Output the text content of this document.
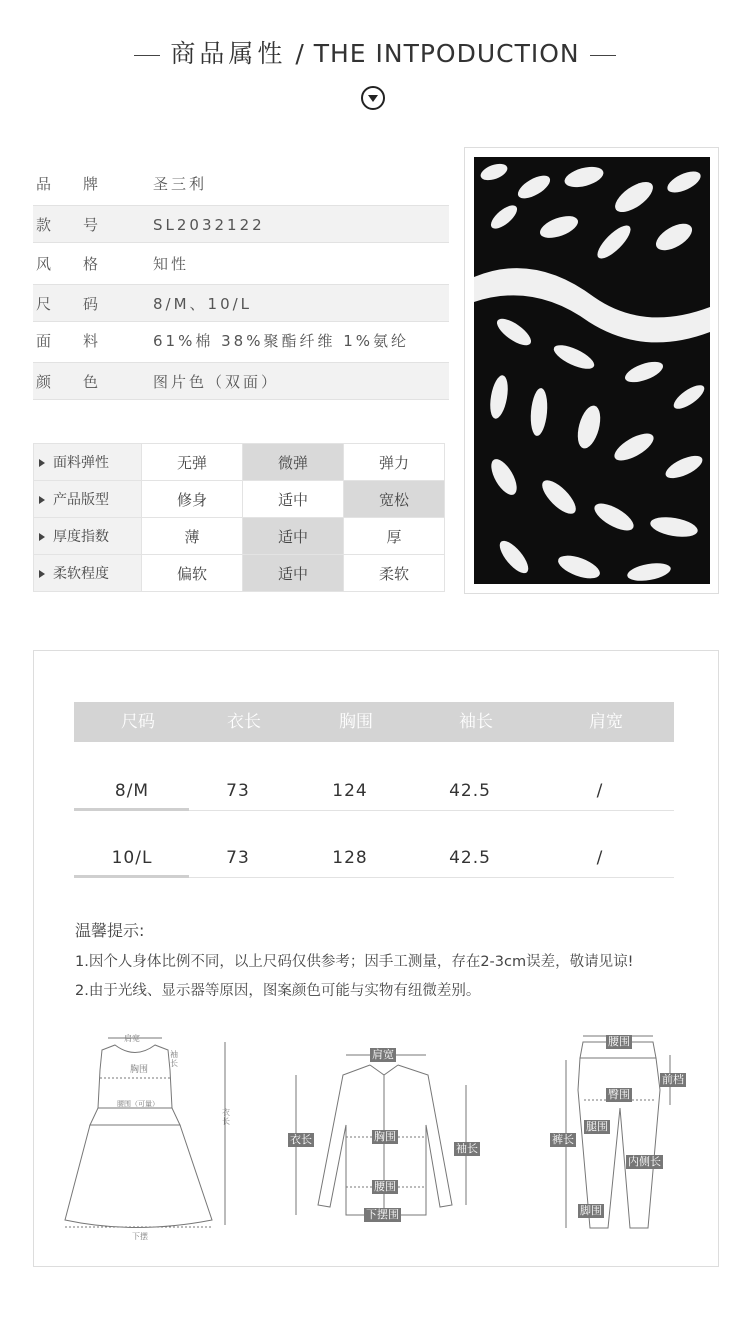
商品属性 / THE INTPODUCTION
品 牌	圣三利
款 号	SL2032122
风 格	知性
尺 码	8/M、10/L
面 料	61%棉 38%聚酯纤维 1%氨纶
颜 色	图片色（双面）
面料弹性	无弹	微弹	弹力
产品版型	修身	适中	宽松
厚度指数	薄	适中	厚
柔软程度	偏软	适中	柔软
尺码	衣长	胸围	袖长	肩宽
8/M	73	124	42.5	/
10/L	73	128	42.5	/
温馨提示:
1.因个人身体比例不同，以上尺码仅供参考；因手工测量，存在2-3cm误差，敬请见谅!
2.由于光线、显示器等原因，图案颜色可能与实物有纽微差别。
肩宽
胸围
袖长
腰围（可量）
衣长
下摆
肩宽
胸围
衣长
袖长
腰围
下摆围
腰围
前档
臀围
腿围
裤长
内侧长
脚围
